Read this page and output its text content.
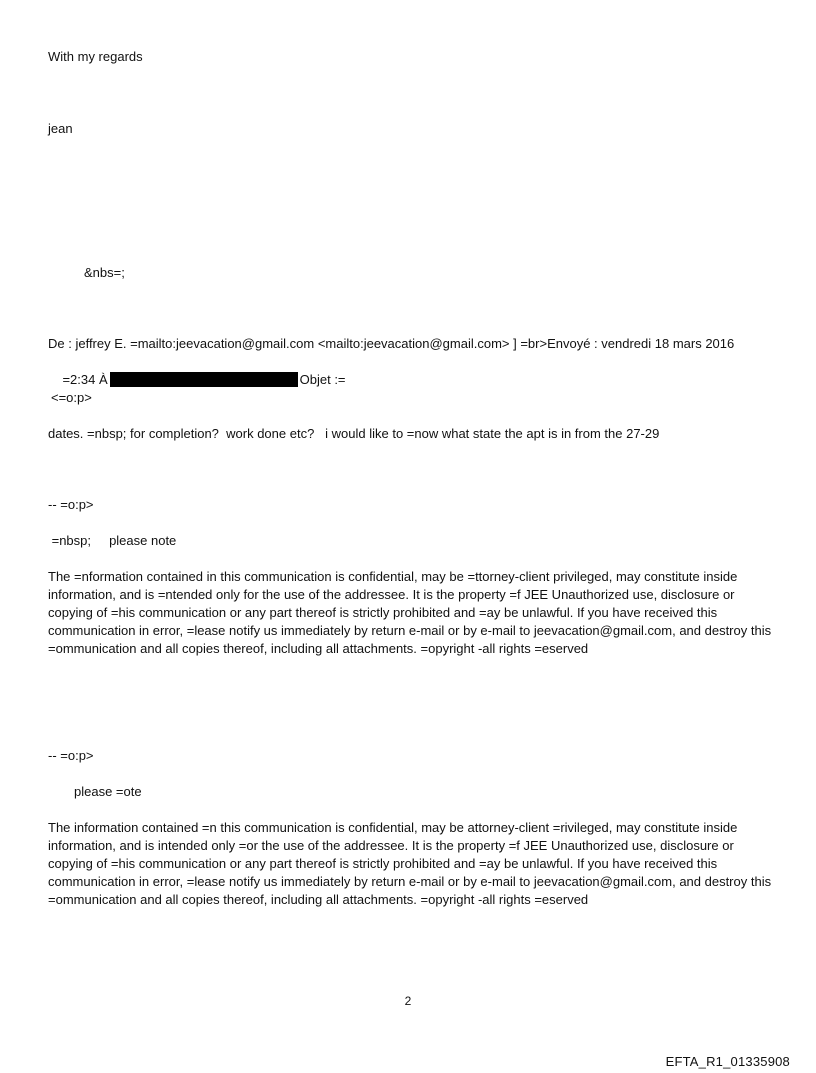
With my regards
jean
&nbs=;
De : jeffrey E. =mailto:jeevacation@gmail.com <mailto:jeevacation@gmail.com> ] =br>Envoyé : vendredi 18 mars 2016

=2:34 À	Objet :=

<=o:p>
dates. =nbsp; for completion?  work done etc?   i would like to =now what state the apt is in from the 27-29
-- =o:p>
=nbsp;     please note
The =nformation contained in this communication is confidential, may be =ttorney-client privileged, may constitute inside information, and is =ntended only for the use of the addressee. It is the property =f JEE Unauthorized use, disclosure or copying of =his communication or any part thereof is strictly prohibited and =ay be unlawful. If you have received this communication in error, =lease notify us immediately by return e-mail or by e-mail to jeevacation@gmail.com, and destroy this =ommunication and all copies thereof, including all attachments. =opyright -all rights =eserved
-- =o:p>
please =ote
The information contained =n this communication is confidential, may be attorney-client =rivileged, may constitute inside information, and is intended only =or the use of the addressee. It is the property =f JEE Unauthorized use, disclosure or copying of =his communication or any part thereof is strictly prohibited and =ay be unlawful. If you have received this communication in error, =lease notify us immediately by return e-mail or by e-mail to jeevacation@gmail.com, and destroy this =ommunication and all copies thereof, including all attachments. =opyright -all rights =eserved
2
EFTA_R1_01335908
